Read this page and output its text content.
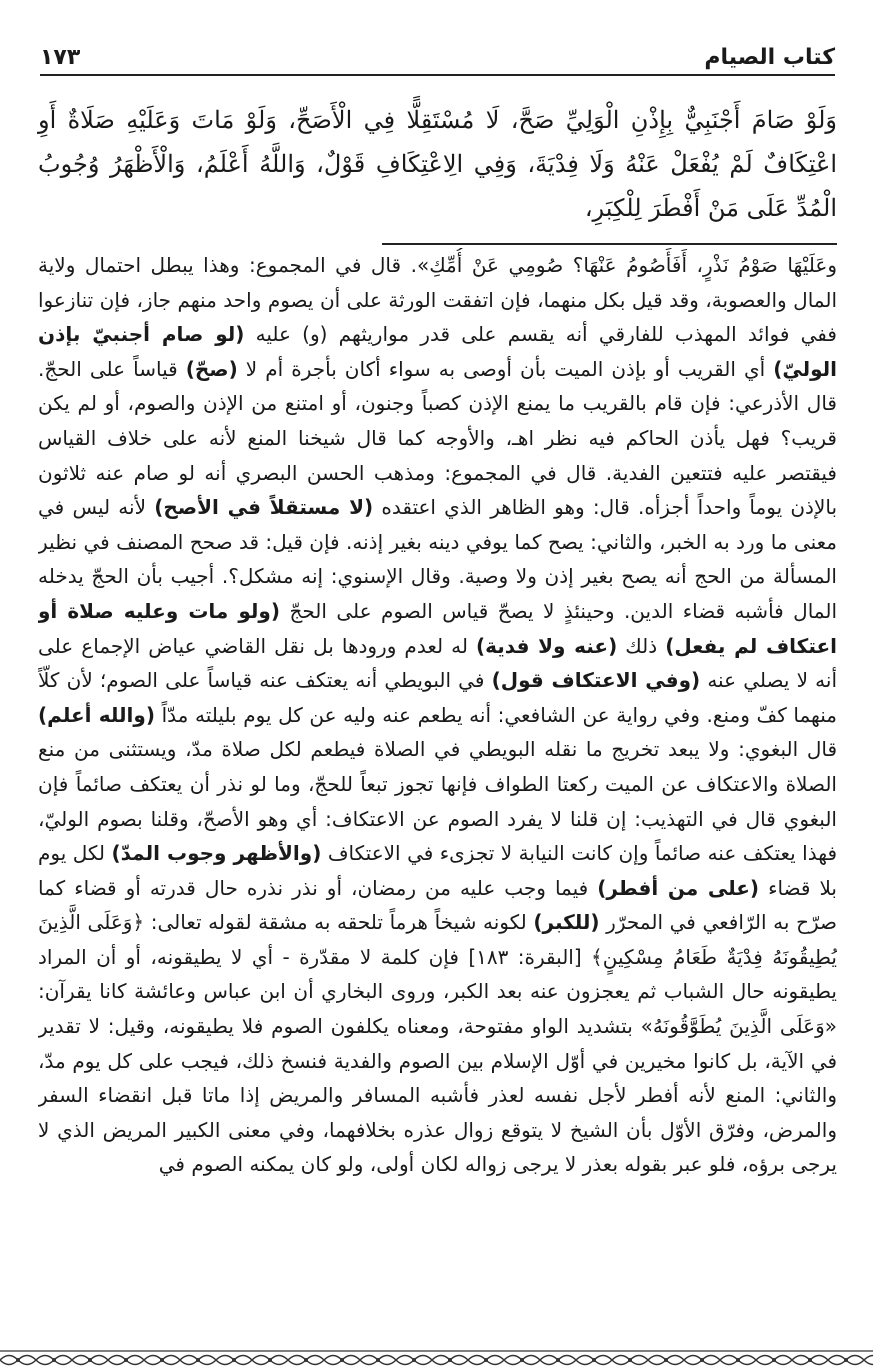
كتاب الصيام
١٧٣

وَلَوْ صَامَ أَجْنَبِيٌّ بِإِذْنِ الْوَلِيِّ صَحَّ، لَا مُسْتَقِلًّا فِي الْأَصَحِّ، وَلَوْ مَاتَ وَعَلَيْهِ صَلَاةٌ أَوِ اعْتِكَافٌ لَمْ يُفْعَلْ عَنْهُ وَلَا فِدْيَةَ، وَفِي الِاعْتِكَافِ قَوْلٌ، وَاللَّهُ أَعْلَمُ، وَالْأَظْهَرُ وُجُوبُ الْمُدِّ عَلَى مَنْ أَفْطَرَ لِلْكِبَرِ،

وعَلَيْهَا صَوْمُ نَذْرٍ، أَفَأَصُومُ عَنْهَا؟ صُومِي عَنْ أُمِّكِ». قال في المجموع: وهذا يبطل احتمال ولاية المال والعصوبة، وقد قيل بكل منهما، فإن اتفقت الورثة على أن يصوم واحد منهم جاز، فإن تنازعوا ففي فوائد المهذب للفارقي أنه يقسم على قدر مواريثهم (و) عليه (لو صام أجنبيّ بإذن الوليّ) أي القريب أو بإذن الميت بأن أوصى به سواء أكان بأجرة أم لا (صحّ) قياساً على الحجّ. قال الأذرعي: فإن قام بالقريب ما يمنع الإذن كصباً وجنون، أو امتنع من الإذن والصوم، أو لم يكن قريب؟ فهل يأذن الحاكم فيه نظر اهـ، والأوجه كما قال شيخنا المنع لأنه على خلاف القياس فيقتصر عليه فتتعين الفدية. قال في المجموع: ومذهب الحسن البصري أنه لو صام عنه ثلاثون بالإذن يوماً واحداً أجزأه. قال: وهو الظاهر الذي اعتقده (لا مستقلاً في الأصح) لأنه ليس في معنى ما ورد به الخبر، والثاني: يصح كما يوفي دينه بغير إذنه. فإن قيل: قد صحح المصنف في نظير المسألة من الحج أنه يصح بغير إذن ولا وصية. وقال الإسنوي: إنه مشكل؟. أجيب بأن الحجّ يدخله المال فأشبه قضاء الدين. وحينئذٍ لا يصحّ قياس الصوم على الحجّ (ولو مات وعليه صلاة أو اعتكاف لم يفعل) ذلك (عنه ولا فدية) له لعدم ورودها بل نقل القاضي عياض الإجماع على أنه لا يصلي عنه (وفي الاعتكاف قول) في البويطي أنه يعتكف عنه قياساً على الصوم؛ لأن كلّاً منهما كفّ ومنع. وفي رواية عن الشافعي: أنه يطعم عنه وليه عن كل يوم بليلته مدّاً (والله أعلم) قال البغوي: ولا يبعد تخريج ما نقله البويطي في الصلاة فيطعم لكل صلاة مدّ، ويستثنى من منع الصلاة والاعتكاف عن الميت ركعتا الطواف فإنها تجوز تبعاً للحجّ، وما لو نذر أن يعتكف صائماً فإن البغوي قال في التهذيب: إن قلنا لا يفرد الصوم عن الاعتكاف: أي وهو الأصحّ، وقلنا بصوم الوليّ، فهذا يعتكف عنه صائماً وإن كانت النيابة لا تجزىء في الاعتكاف (والأظهر وجوب المدّ) لكل يوم بلا قضاء (على من أفطر) فيما وجب عليه من رمضان، أو نذر نذره حال قدرته أو قضاء كما صرّح به الرّافعي في المحرّر (للكبر) لكونه شيخاً هرماً تلحقه به مشقة لقوله تعالى: ﴿وَعَلَى الَّذِينَ يُطِيقُونَهُ فِدْيَةٌ طَعَامُ مِسْكِينٍ﴾ [البقرة: ١٨٣] فإن كلمة لا مقدّرة - أي لا يطيقونه، أو أن المراد يطيقونه حال الشباب ثم يعجزون عنه بعد الكبر، وروى البخاري أن ابن عباس وعائشة كانا يقرآن: «وَعَلَى الَّذِينَ يُطَوَّقُونَهُ» بتشديد الواو مفتوحة، ومعناه يكلفون الصوم فلا يطيقونه، وقيل: لا تقدير في الآية، بل كانوا مخيرين في أوّل الإسلام بين الصوم والفدية فنسخ ذلك، فيجب على كل يوم مدّ، والثاني: المنع لأنه أفطر لأجل نفسه لعذر فأشبه المسافر والمريض إذا ماتا قبل انقضاء السفر والمرض، وفرّق الأوّل بأن الشيخ لا يتوقع زوال عذره بخلافهما، وفي معنى الكبير المريض الذي لا يرجى برؤه، فلو عبر بقوله بعذر لا يرجى زواله لكان أولى، ولو كان يمكنه الصوم في
